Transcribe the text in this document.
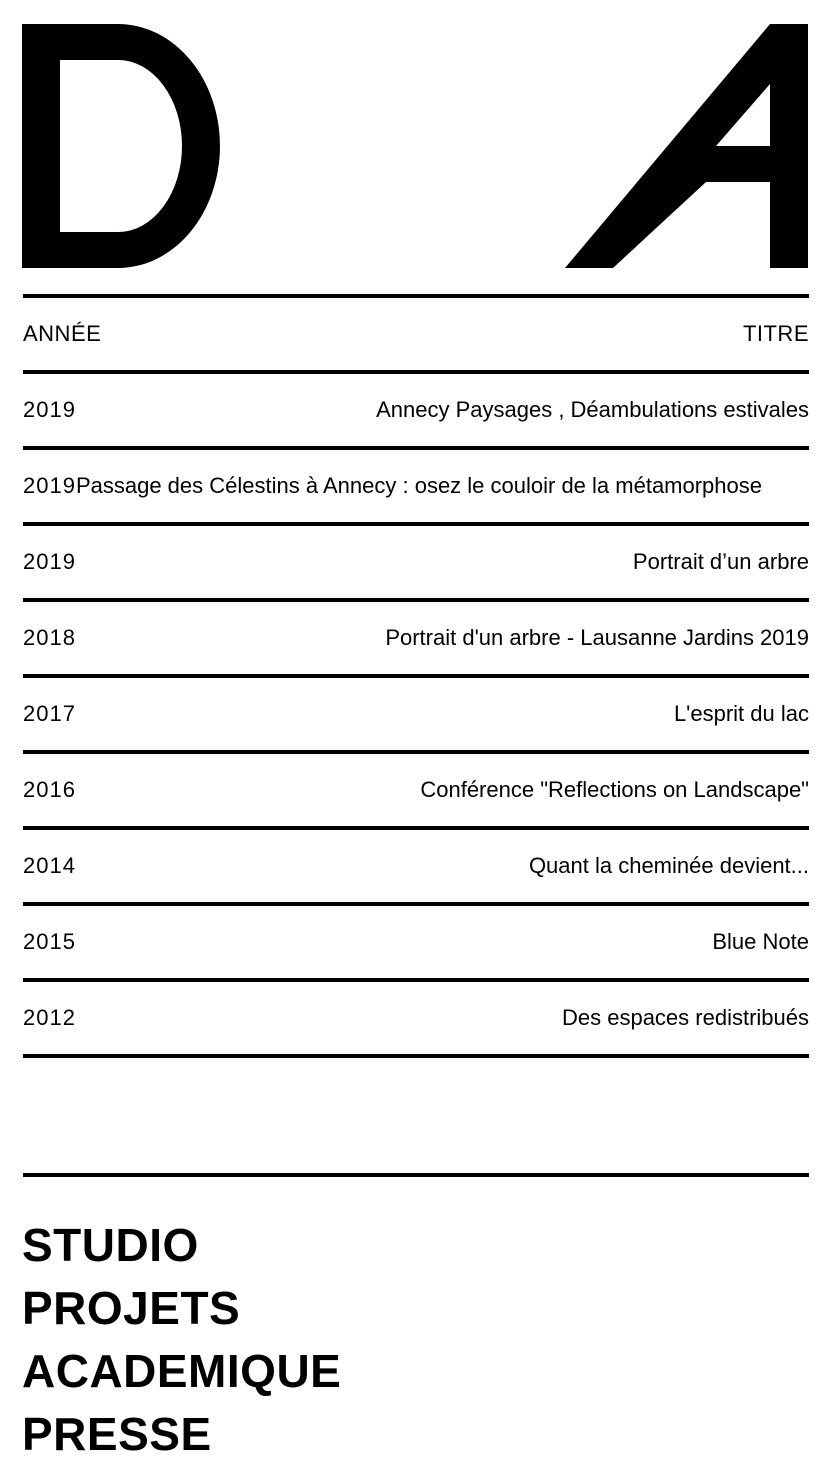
ANNÉE	TITRE
2019	Annecy Paysages , Déambulations estivales
2019 Passage des Célestins à Annecy : osez le couloir de la métamorphose
2019	Portrait d’un arbre
2018	Portrait d'un arbre - Lausanne Jardins 2019
2017	L'esprit du lac
2016	Conférence "Reflections on Landscape"
2014	Quant la cheminée devient...
2015	Blue Note
2012	Des espaces redistribués
STUDIO
PROJETS
ACADEMIQUE
PRESSE
